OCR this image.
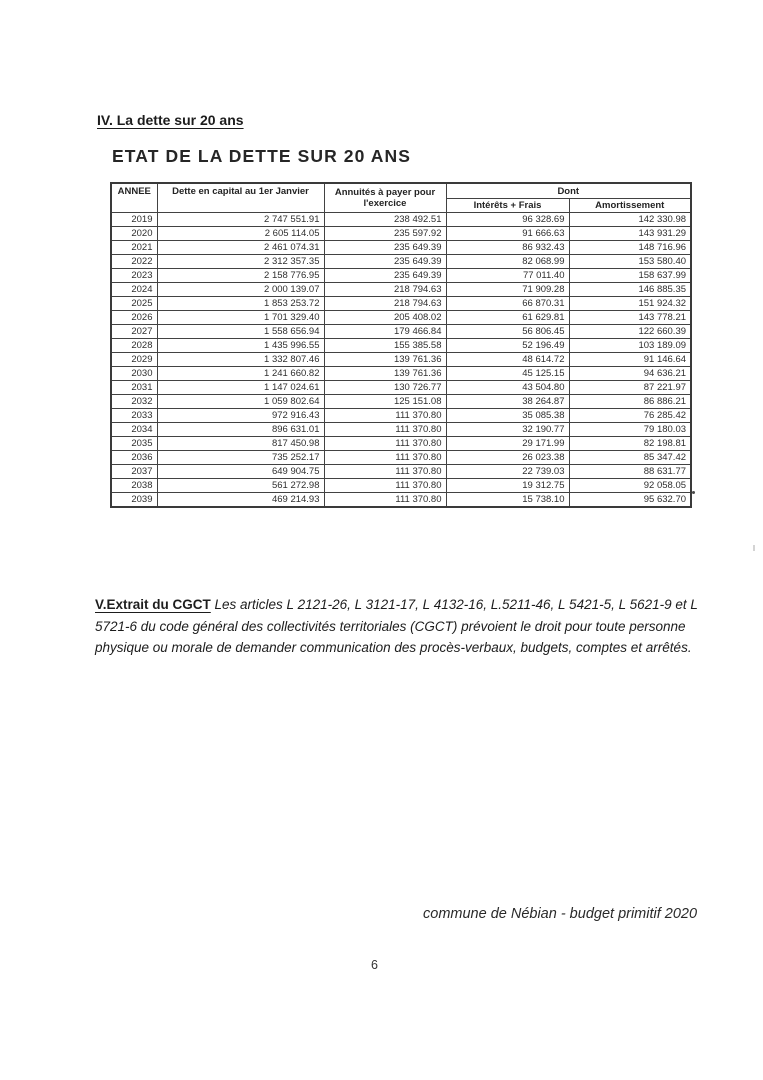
IV. La dette sur 20 ans
ETAT DE LA DETTE SUR 20 ANS
ANNEE	Dette en capital au 1er Janvier	Annuités à payer pour l'exercice	Dont	
			Intérêts + Frais	Amortissement
2019	2 747 551.91	238 492.51	96 328.69	142 330.98
2020	2 605 114.05	235 597.92	91 666.63	143 931.29
2021	2 461 074.31	235 649.39	86 932.43	148 716.96
2022	2 312 357.35	235 649.39	82 068.99	153 580.40
2023	2 158 776.95	235 649.39	77 011.40	158 637.99
2024	2 000 139.07	218 794.63	71 909.28	146 885.35
2025	1 853 253.72	218 794.63	66 870.31	151 924.32
2026	1 701 329.40	205 408.02	61 629.81	143 778.21
2027	1 558 656.94	179 466.84	56 806.45	122 660.39
2028	1 435 996.55	155 385.58	52 196.49	103 189.09
2029	1 332 807.46	139 761.36	48 614.72	91 146.64
2030	1 241 660.82	139 761.36	45 125.15	94 636.21
2031	1 147 024.61	130 726.77	43 504.80	87 221.97
2032	1 059 802.64	125 151.08	38 264.87	86 886.21
2033	972 916.43	111 370.80	35 085.38	76 285.42
2034	896 631.01	111 370.80	32 190.77	79 180.03
2035	817 450.98	111 370.80	29 171.99	82 198.81
2036	735 252.17	111 370.80	26 023.38	85 347.42
2037	649 904.75	111 370.80	22 739.03	88 631.77
2038	561 272.98	111 370.80	19 312.75	92 058.05
2039	469 214.93	111 370.80	15 738.10	95 632.70

V.Extrait du CGCT Les articles L 2121-26, L 3121-17, L 4132-16, L.5211-46, L 5421-5, L 5621-9 et L 5721-6 du code général des collectivités territoriales (CGCT) prévoient le droit pour toute personne physique ou morale de demander communication des procès-verbaux, budgets, comptes et arrêtés.

commune de Nébian - budget primitif 2020
6
